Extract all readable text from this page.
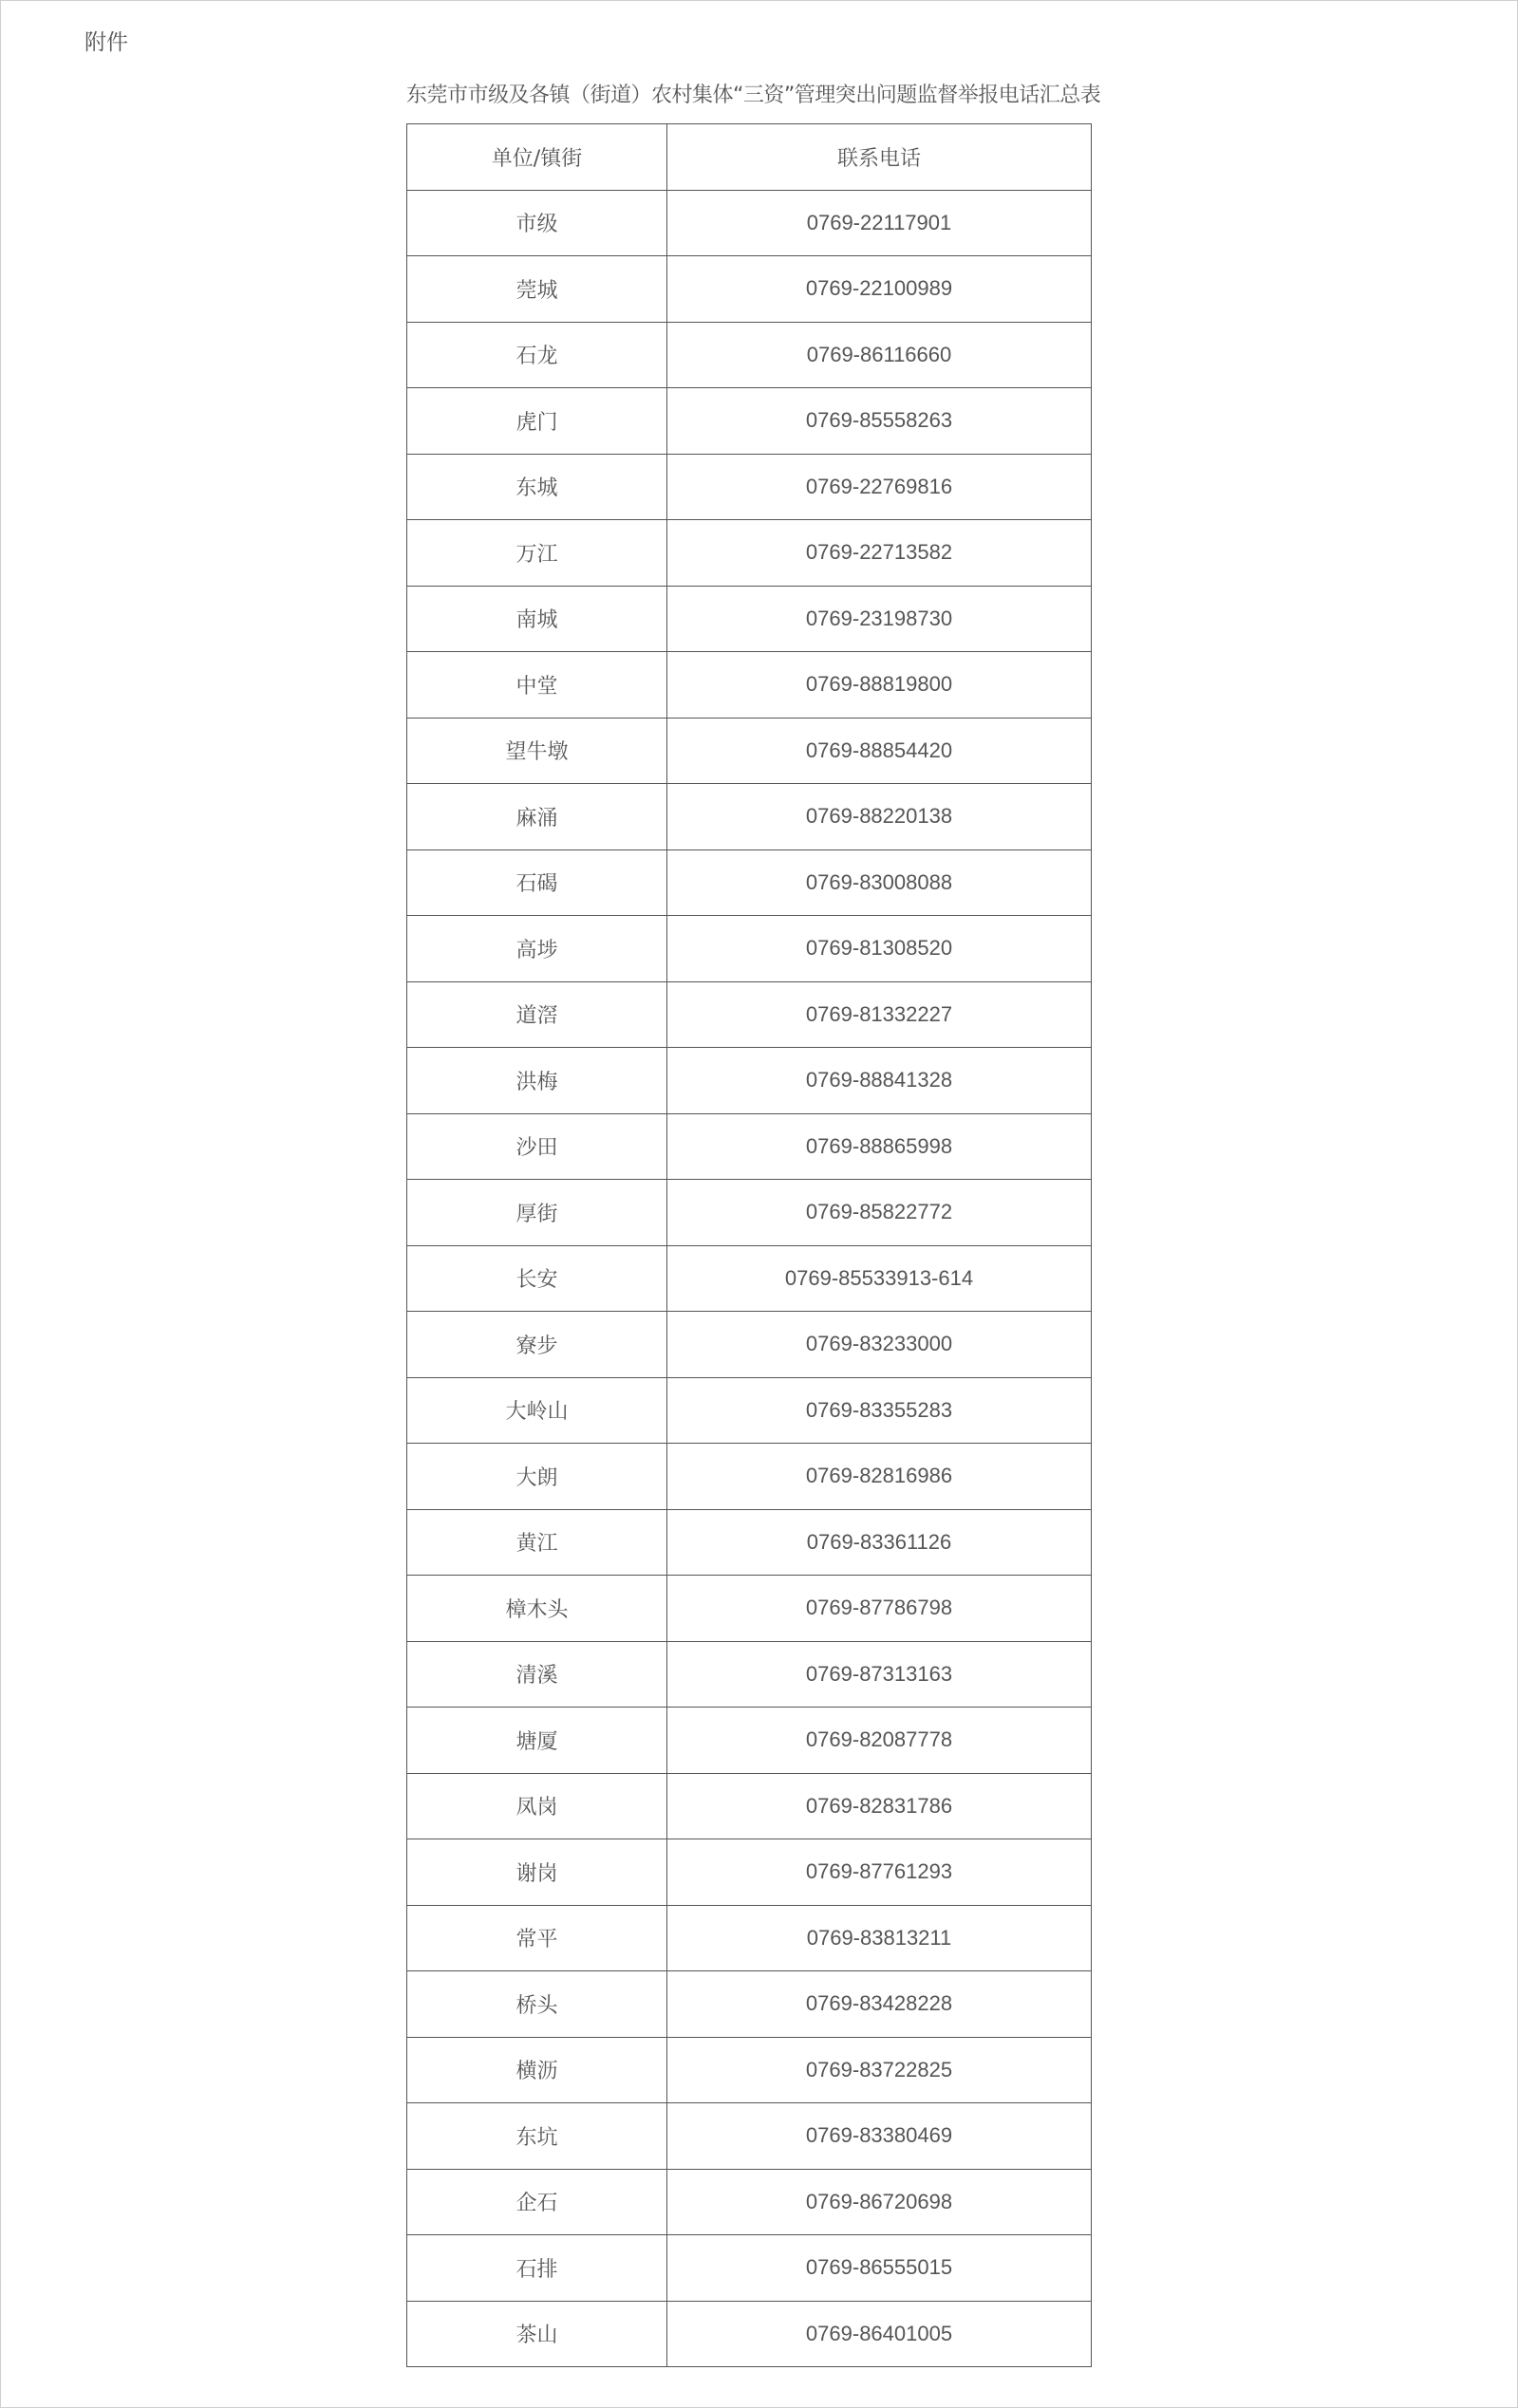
附件
东莞市市级及各镇（街道）农村集体“三资”管理突出问题监督举报电话汇总表
单位/镇街	联系电话
市级	0769-22117901
莞城	0769-22100989
石龙	0769-86116660
虎门	0769-85558263
东城	0769-22769816
万江	0769-22713582
南城	0769-23198730
中堂	0769-88819800
望牛墩	0769-88854420
麻涌	0769-88220138
石碣	0769-83008088
高埗	0769-81308520
道滘	0769-81332227
洪梅	0769-88841328
沙田	0769-88865998
厚街	0769-85822772
长安	0769-85533913-614
寮步	0769-83233000
大岭山	0769-83355283
大朗	0769-82816986
黄江	0769-83361126
樟木头	0769-87786798
清溪	0769-87313163
塘厦	0769-82087778
凤岗	0769-82831786
谢岗	0769-87761293
常平	0769-83813211
桥头	0769-83428228
横沥	0769-83722825
东坑	0769-83380469
企石	0769-86720698
石排	0769-86555015
茶山	0769-86401005
